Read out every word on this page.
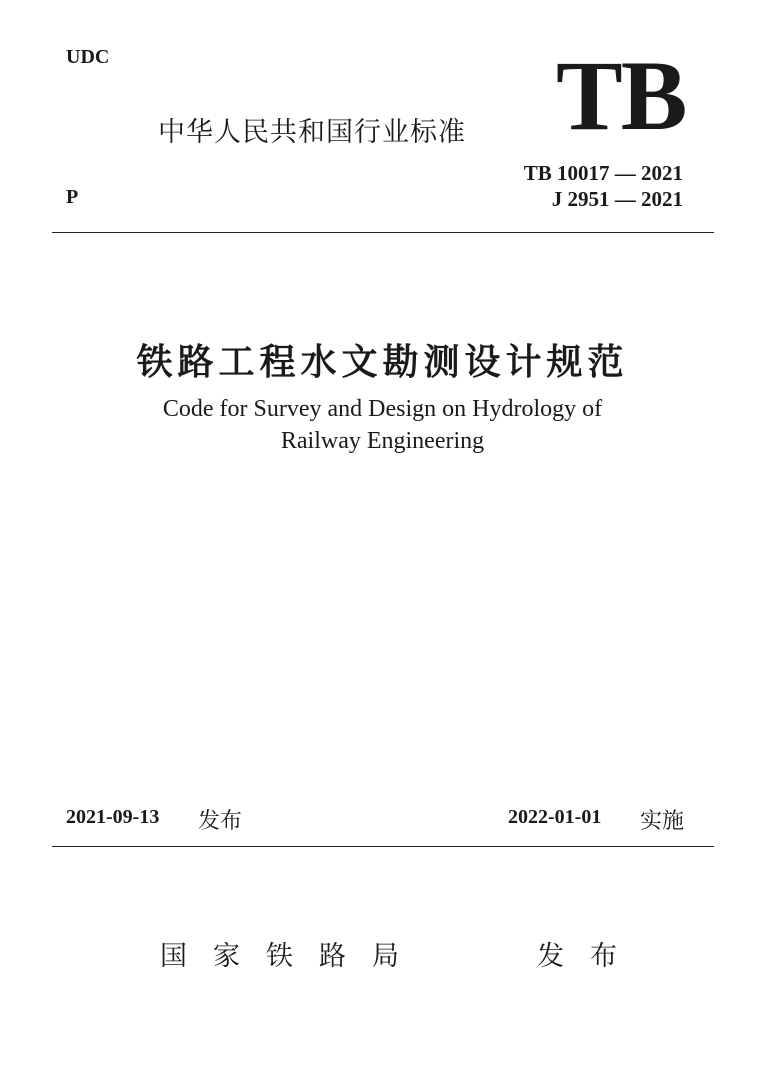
UDC
P
中华人民共和国行业标准 TB
TB 10017 — 2021
J 2951 — 2021
铁路工程水文勘测设计规范
Code for Survey and Design on Hydrology of
Railway Engineering
2021-09-13 发布	2022-01-01 实施
国家铁路局	发布
